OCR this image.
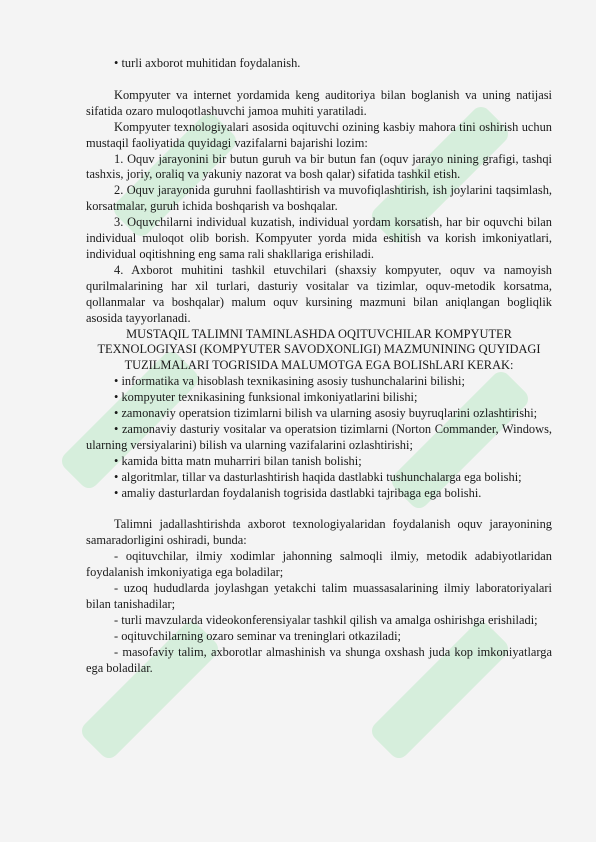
• turli axborot muhitidan foydalanish.

Kompyuter va internet yordamida keng auditoriya bilan boglanish va uning natijasi sifatida ozaro muloqotlashuvchi jamoa muhiti yaratiladi.

Kompyuter texnologiyalari asosida oqituvchi ozining kasbiy mahora tini oshirish uchun mustaqil faoliyatida quyidagi vazifalarni bajarishi lozim:

1. Oquv jarayonini bir butun guruh va bir butun fan (oquv jarayo nining grafigi, tashqi tashxis, joriy, oraliq va yakuniy nazorat va bosh qalar) sifatida tashkil etish.

2. Oquv jarayonida guruhni faollashtirish va muvofiqlashtirish, ish joylarini taqsimlash, korsatmalar, guruh ichida boshqarish va boshqalar.

3. Oquvchilarni individual kuzatish, individual yordam korsatish, har bir oquvchi bilan individual muloqot olib borish. Kompyuter yorda mida eshitish va korish imkoniyatlari, individual oqitishning eng sama rali shakllariga erishiladi.

4. Axborot muhitini tashkil etuvchilari (shaxsiy kompyuter, oquv va namoyish qurilmalarining har xil turlari, dasturiy vositalar va tizimlar, oquv-metodik korsatma, qollanmalar va boshqalar) malum oquv kursining mazmuni bilan aniqlangan bogliqlik asosida tayyorlanadi.

MUSTAQIL TALIMNI TAMINLASHDA OQITUVCHILAR KOMPYUTER TEXNOLOGIYASI (KOMPYUTER SAVODXONLIGI) MAZMUNINING QUYIDAGI TUZILMALARI TOGRISIDA MALUMOTGA EGA BOLIShLARI KERAK:

• informatika va hisoblash texnikasining asosiy tushunchalarini bilishi;

• kompyuter texnikasining funksional imkoniyatlarini bilishi;

• zamonaviy operatsion tizimlarni bilish va ularning asosiy buyruqlarini ozlashtirishi;

• zamonaviy dasturiy vositalar va operatsion tizimlarni (Norton Commander, Windows, ularning versiyalarini) bilish va ularning vazifalarini ozlashtirishi;

• kamida bitta matn muharriri bilan tanish bolishi;

• algoritmlar, tillar va dasturlashtirish haqida dastlabki tushunchalarga ega bolishi;

• amaliy dasturlardan foydalanish togrisida dastlabki tajribaga ega bolishi.

Talimni jadallashtirishda axborot texnologiyalaridan foydalanish oquv jarayonining samaradorligini oshiradi, bunda:

- oqituvchilar, ilmiy xodimlar jahonning salmoqli ilmiy, metodik adabiyotlaridan foydalanish imkoniyatiga ega boladilar;

- uzoq hududlarda joylashgan yetakchi talim muassasalarining ilmiy laboratoriyalari bilan tanishadilar;

- turli mavzularda videokonferensiyalar tashkil qilish va amalga oshirishga erishiladi;

- oqituvchilarning ozaro seminar va treninglari otkaziladi;

- masofaviy talim, axborotlar almashinish va shunga oxshash juda kop imkoniyatlarga ega boladilar.
